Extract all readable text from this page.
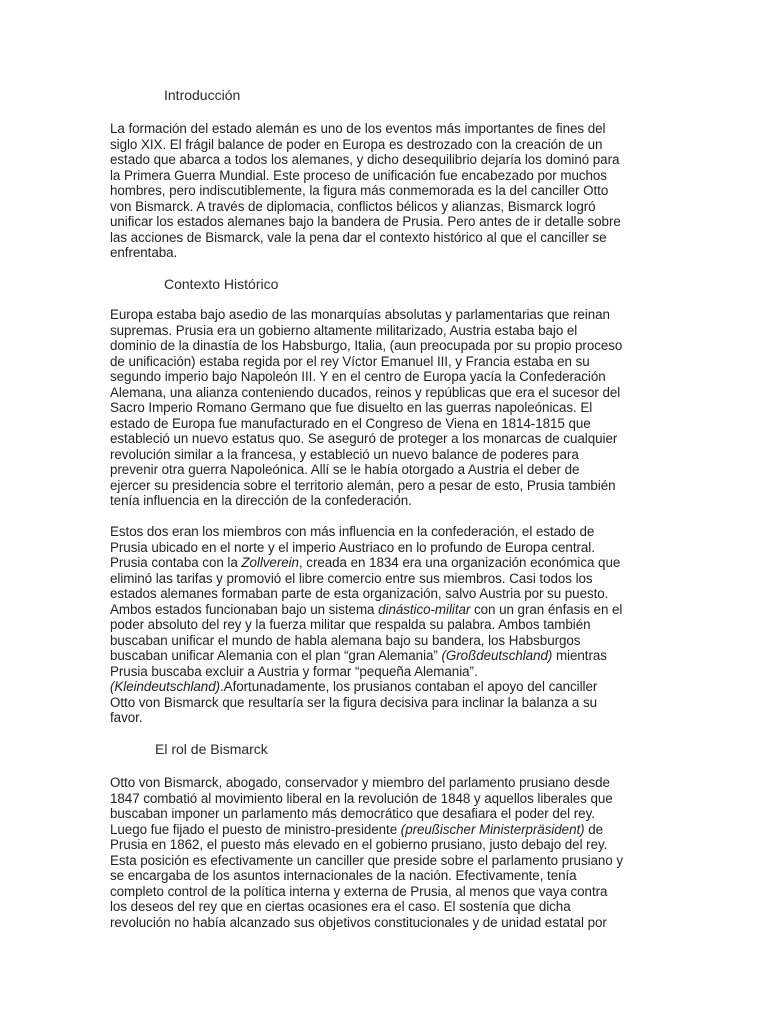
Introducción
La formación del estado alemán es uno de los eventos más importantes de fines del
siglo XIX. El frágil balance de poder en Europa es destrozado con la creación de un
estado que abarca a todos los alemanes, y dicho desequilibrio dejaría los dominó para
la Primera Guerra Mundial. Este proceso de unificación fue encabezado por muchos
hombres, pero indiscutiblemente, la figura más conmemorada es la del canciller Otto
von Bismarck. A través de diplomacia, conflictos bélicos y alianzas, Bismarck logró
unificar los estados alemanes bajo la bandera de Prusia. Pero antes de ir detalle sobre
las acciones de Bismarck, vale la pena dar el contexto histórico al que el canciller se
enfrentaba.
Contexto Histórico
Europa estaba bajo asedio de las monarquías absolutas y parlamentarias que reinan
supremas. Prusia era un gobierno altamente militarizado, Austria estaba bajo el
dominio de la dinastía de los Habsburgo, Italia, (aun preocupada por su propio proceso
de unificación) estaba regida por el rey Víctor Emanuel III, y Francia estaba en su
segundo imperio bajo Napoleón III. Y en el centro de Europa yacía la Confederación
Alemana, una alianza conteniendo ducados, reinos y repúblicas que era el sucesor del
Sacro Imperio Romano Germano que fue disuelto en las guerras napoleónicas. El
estado de Europa fue manufacturado en el Congreso de Viena en 1814-1815 que
estableció un nuevo estatus quo. Se aseguró de proteger a los monarcas de cualquier
revolución similar a la francesa, y estableció un nuevo balance de poderes para
prevenir otra guerra Napoleónica. Allí se le había otorgado a Austria el deber de
ejercer su presidencia sobre el territorio alemán, pero a pesar de esto, Prusia también
tenía influencia en la dirección de la confederación.
Estos dos eran los miembros con más influencia en la confederación, el estado de
Prusia ubicado en el norte y el imperio Austriaco en lo profundo de Europa central.
Prusia contaba con la Zollverein, creada en 1834 era una organización económica que
eliminó las tarifas y promovió el libre comercio entre sus miembros. Casi todos los
estados alemanes formaban parte de esta organización, salvo Austria por su puesto.
Ambos estados funcionaban bajo un sistema dinástico-militar con un gran énfasis en el
poder absoluto del rey y la fuerza militar que respalda su palabra. Ambos también
buscaban unificar el mundo de habla alemana bajo su bandera, los Habsburgos
buscaban unificar Alemania con el plan “gran Alemania” (Großdeutschland) mientras
Prusia buscaba excluir a Austria y formar “pequeña Alemania”.
(Kleindeutschland).Afortunadamente, los prusianos contaban el apoyo del canciller
Otto von Bismarck que resultaría ser la figura decisiva para inclinar la balanza a su
favor.
El rol de Bismarck
Otto von Bismarck, abogado, conservador y miembro del parlamento prusiano desde
1847 combatió al movimiento liberal en la revolución de 1848 y aquellos liberales que
buscaban imponer un parlamento más democrático que desafiara el poder del rey.
Luego fue fijado el puesto de ministro-presidente (preußischer Ministerpräsident) de
Prusia en 1862, el puesto más elevado en el gobierno prusiano, justo debajo del rey.
Esta posición es efectivamente un canciller que preside sobre el parlamento prusiano y
se encargaba de los asuntos internacionales de la nación. Efectivamente, tenía
completo control de la política interna y externa de Prusia, al menos que vaya contra
los deseos del rey que en ciertas ocasiones era el caso. El sostenía que dicha
revolución no había alcanzado sus objetivos constitucionales y de unidad estatal por
